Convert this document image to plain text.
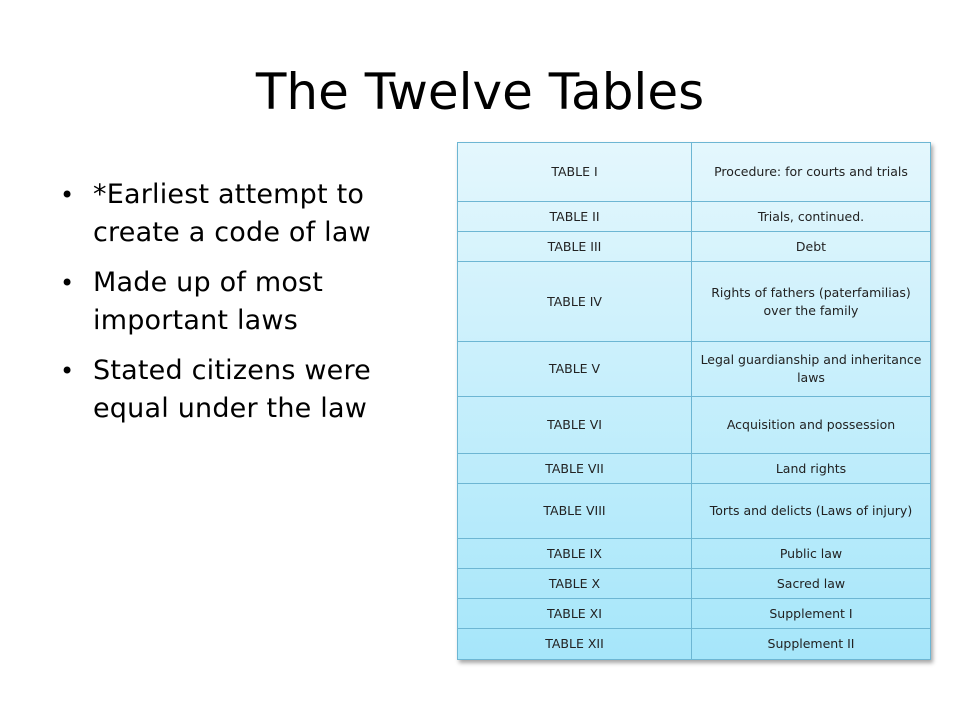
The Twelve Tables
• *Earliest attempt to create a code of law
• Made up of most important laws
• Stated citizens were equal under the law
TABLE I	Procedure: for courts and trials
TABLE II	Trials, continued.
TABLE III	Debt
TABLE IV	Rights of fathers (paterfamilias) over the family
TABLE V	Legal guardianship and inheritance laws
TABLE VI	Acquisition and possession
TABLE VII	Land rights
TABLE VIII	Torts and delicts (Laws of injury)
TABLE IX	Public law
TABLE X	Sacred law
TABLE XI	Supplement I
TABLE XII	Supplement II
